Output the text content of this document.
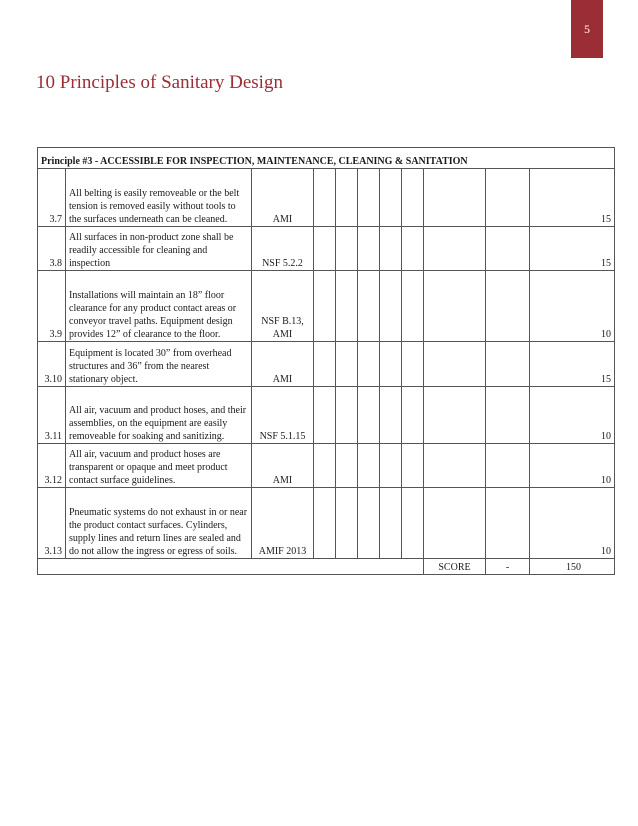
5
10 Principles of Sanitary Design
Principle #3 - ACCESSIBLE FOR INSPECTION, MAINTENANCE, CLEANING & SANITATION										
3.7	All belting is easily removeable or the belt tension is removed easily without tools to the surfaces underneath can be cleaned.	AMI								15
3.8	All surfaces in non-product zone shall be readily accessible for cleaning and inspection	NSF 5.2.2								15
3.9	Installations will maintain an 18” floor clearance for any product contact areas or conveyor travel paths. Equipment design provides 12” of clearance to the floor.	NSF B.13, AMI								10
3.10	Equipment is located 30” from overhead structures and 36” from the nearest stationary object.	AMI								15
3.11	All air, vacuum and product hoses, and their assemblies, on the equipment are easily removeable for soaking and sanitizing.	NSF 5.1.15								10
3.12	All air, vacuum and product hoses are transparent or opaque and meet product contact surface guidelines.	AMI								10
3.13	Pneumatic systems do not exhaust in or near the product contact surfaces. Cylinders, supply lines and return lines are sealed and do not allow the ingress or egress of soils.	AMIF 2013								10
								SCORE	-	150
